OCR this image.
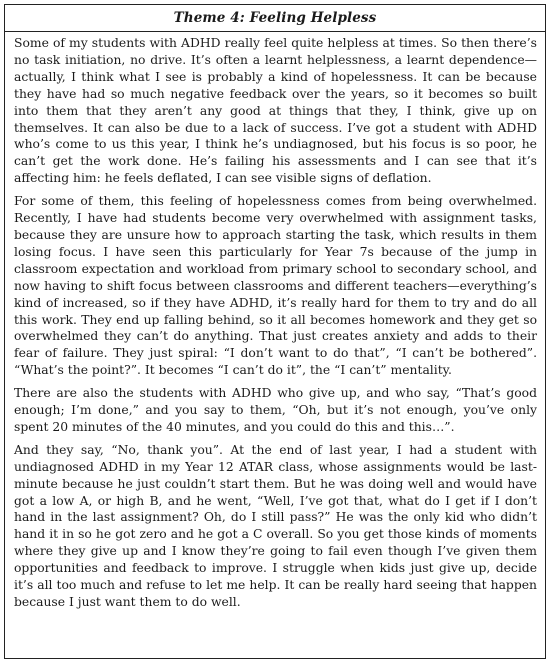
Theme 4: Feeling Helpless

Some of my students with ADHD really feel quite helpless at times. So then there’s no task initiation, no drive. It’s often a learnt helplessness, a learnt dependence—actually, I think what I see is probably a kind of hopelessness. It can be because they have had so much negative feedback over the years, so it becomes so built into them that they aren’t any good at things that they, I think, give up on themselves. It can also be due to a lack of success. I’ve got a student with ADHD who’s come to us this year, I think he’s undiagnosed, but his focus is so poor, he can’t get the work done. He’s failing his assessments and I can see that it’s affecting him: he feels deflated, I can see visible signs of deflation.

For some of them, this feeling of hopelessness comes from being overwhelmed. Recently, I have had students become very overwhelmed with assignment tasks, because they are unsure how to approach starting the task, which results in them losing focus. I have seen this particularly for Year 7s because of the jump in classroom expectation and workload from primary school to secondary school, and now having to shift focus between classrooms and different teachers—everything’s kind of increased, so if they have ADHD, it’s really hard for them to try and do all this work. They end up falling behind, so it all becomes homework and they get so overwhelmed they can’t do anything. That just creates anxiety and adds to their fear of failure. They just spiral: “I don’t want to do that”, “I can’t be bothered”. “What’s the point?”. It becomes “I can’t do it”, the “I can’t” mentality.

There are also the students with ADHD who give up, and who say, “That’s good enough; I’m done,” and you say to them, “Oh, but it’s not enough, you’ve only spent 20 minutes of the 40 minutes, and you could do this and this…”.

And they say, “No, thank you”. At the end of last year, I had a student with undiagnosed ADHD in my Year 12 ATAR class, whose assignments would be last-minute because he just couldn’t start them. But he was doing well and would have got a low A, or high B, and he went, “Well, I’ve got that, what do I get if I don’t hand in the last assignment? Oh, do I still pass?” He was the only kid who didn’t hand it in so he got zero and he got a C overall. So you get those kinds of moments where they give up and I know they’re going to fail even though I’ve given them opportunities and feedback to improve. I struggle when kids just give up, decide it’s all too much and refuse to let me help. It can be really hard seeing that happen because I just want them to do well.
